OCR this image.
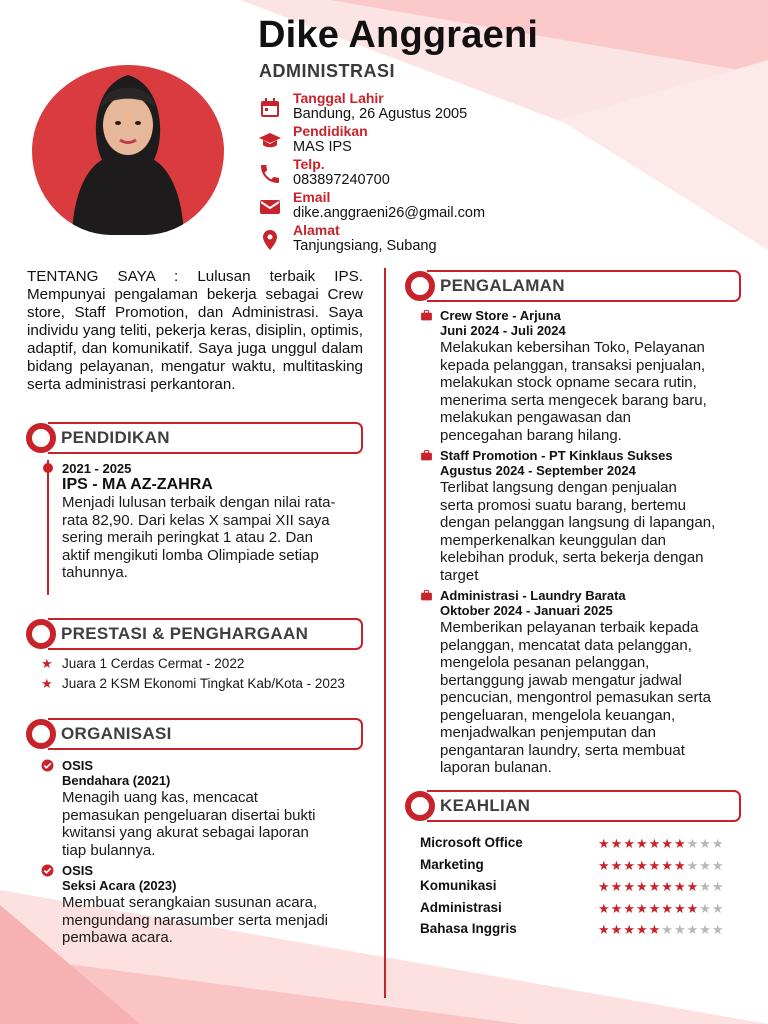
Dike Anggraeni
ADMINISTRASI
Tanggal Lahir
Bandung, 26 Agustus 2005
Pendidikan
MAS IPS
Telp.
083897240700
Email
dike.anggraeni26@gmail.com
Alamat
Tanjungsiang, Subang
TENTANG SAYA : Lulusan terbaik IPS. Mempunyai pengalaman bekerja sebagai Crew store, Staff Promotion, dan Administrasi. Saya individu yang teliti, pekerja keras, disiplin, optimis, adaptif, dan komunikatif. Saya juga unggul dalam bidang pelayanan, mengatur waktu, multitasking serta administrasi perkantoran.
PENDIDIKAN
2021 - 2025
IPS - MA AZ-ZAHRA
Menjadi lulusan terbaik dengan nilai rata-
rata 82,90. Dari kelas X sampai XII saya
sering meraih peringkat 1 atau 2. Dan
aktif mengikuti lomba Olimpiade setiap
tahunnya.
PRESTASI & PENGHARGAAN
★ Juara 1 Cerdas Cermat - 2022
★ Juara 2 KSM Ekonomi Tingkat Kab/Kota - 2023
ORGANISASI
OSIS
Bendahara (2021)
Menagih uang kas, mencacat
pemasukan pengeluaran disertai bukti
kwitansi yang akurat sebagai laporan
tiap bulannya.
OSIS
Seksi Acara (2023)
Membuat serangkaian susunan acara,
mengundang narasumber serta menjadi
pembawa acara.
PENGALAMAN
Crew Store - Arjuna
Juni 2024 - Juli 2024
Melakukan kebersihan Toko, Pelayanan
kepada pelanggan, transaksi penjualan,
melakukan stock opname secara rutin,
menerima serta mengecek barang baru,
melakukan pengawasan dan
pencegahan barang hilang.
Staff Promotion - PT Kinklaus Sukses
Agustus 2024 - September 2024
Terlibat langsung dengan penjualan
serta promosi suatu barang, bertemu
dengan pelanggan langsung di lapangan,
memperkenalkan keunggulan dan
kelebihan produk, serta bekerja dengan
target
Administrasi - Laundry Barata
Oktober 2024 - Januari 2025
Memberikan pelayanan terbaik kepada
pelanggan, mencatat data pelanggan,
mengelola pesanan pelanggan,
bertanggung jawab mengatur jadwal
pencucian, mengontrol pemasukan serta
pengeluaran, mengelola keuangan,
menjadwalkan penjemputan dan
pengantaran laundry, serta membuat
laporan bulanan.
KEAHLIAN
Microsoft Office	★★★★★★★★★★
Marketing	★★★★★★★★★★
Komunikasi	★★★★★★★★★★
Administrasi	★★★★★★★★★★
Bahasa Inggris	★★★★★★★★★★
